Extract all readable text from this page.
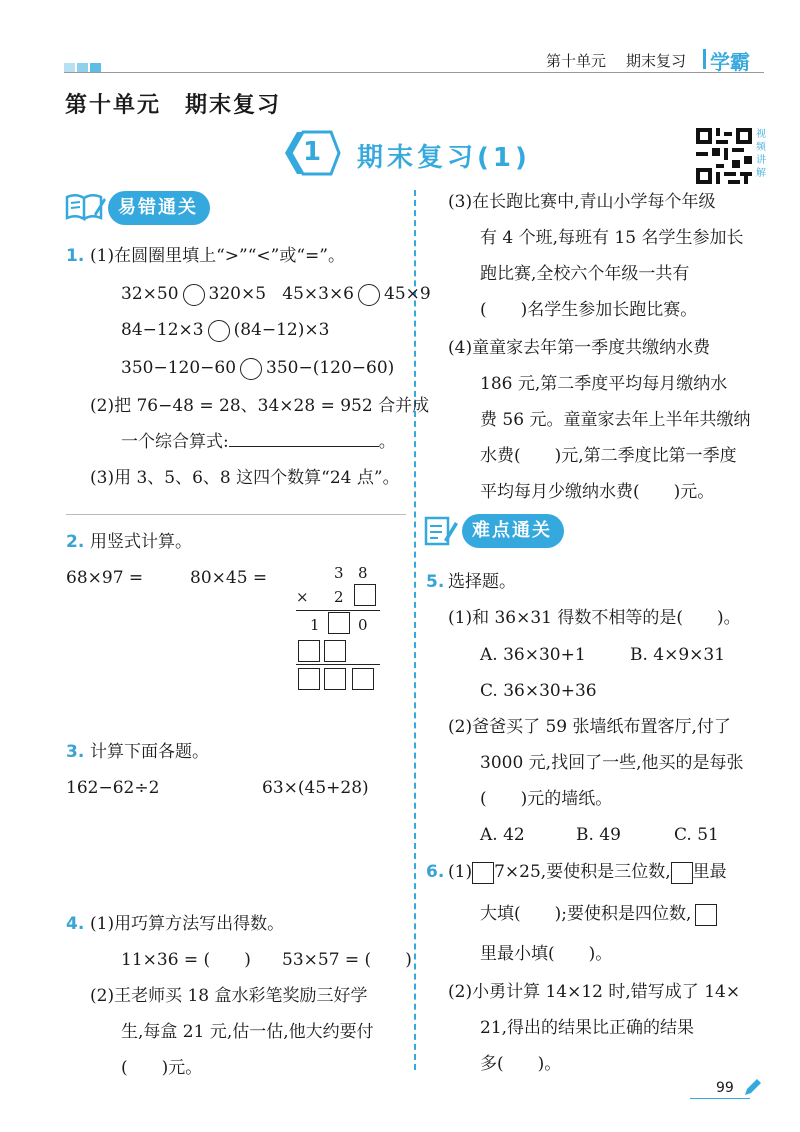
第十单元 期末复习 学霸
第十单元　期末复习
1 期末复习(1)
视频讲解
易错通关
1. (1)在圆圈里填上“>”“<”或“=”。
32×50 320×5 45×3×6 45×9
84−12×3 (84−12)×3
350−120−60 350−(120−60)
(2)把 76−48 = 28、34×28 = 952 合并成
一个综合算式:	。
(3)用 3、5、6、8 这四个数算“24 点”。
2. 用竖式计算。
68×97 =	80×45 =	3 8
× 2
1	0
3. 计算下面各题。
162−62÷2	63×(45+28)
4. (1)用巧算方法写出得数。
11×36 = (　　) 53×57 = (　　)
(2)王老师买 18 盒水彩笔奖励三好学
生,每盒 21 元,估一估,他大约要付
(　　)元。
(3)在长跑比赛中,青山小学每个年级
有 4 个班,每班有 15 名学生参加长
跑比赛,全校六个年级一共有
(　　)名学生参加长跑比赛。
(4)童童家去年第一季度共缴纳水费
186 元,第二季度平均每月缴纳水
费 56 元。童童家去年上半年共缴纳
水费(　　)元,第二季度比第一季度
平均每月少缴纳水费(　　)元。
难点通关
5. 选择题。
(1)和 36×31 得数不相等的是(　　)。
A. 36×30+1	B. 4×9×31
C. 36×30+36
(2)爸爸买了 59 张墙纸布置客厅,付了
3000 元,找回了一些,他买的是每张
(　　)元的墙纸。
A. 42	B. 49	C. 51
6. (1) 7×25,要使积是三位数, 里最
大填(　　);要使积是四位数,
里最小填(　　)。
(2)小勇计算 14×12 时,错写成了 14×
21,得出的结果比正确的结果
多(　　)。
99
